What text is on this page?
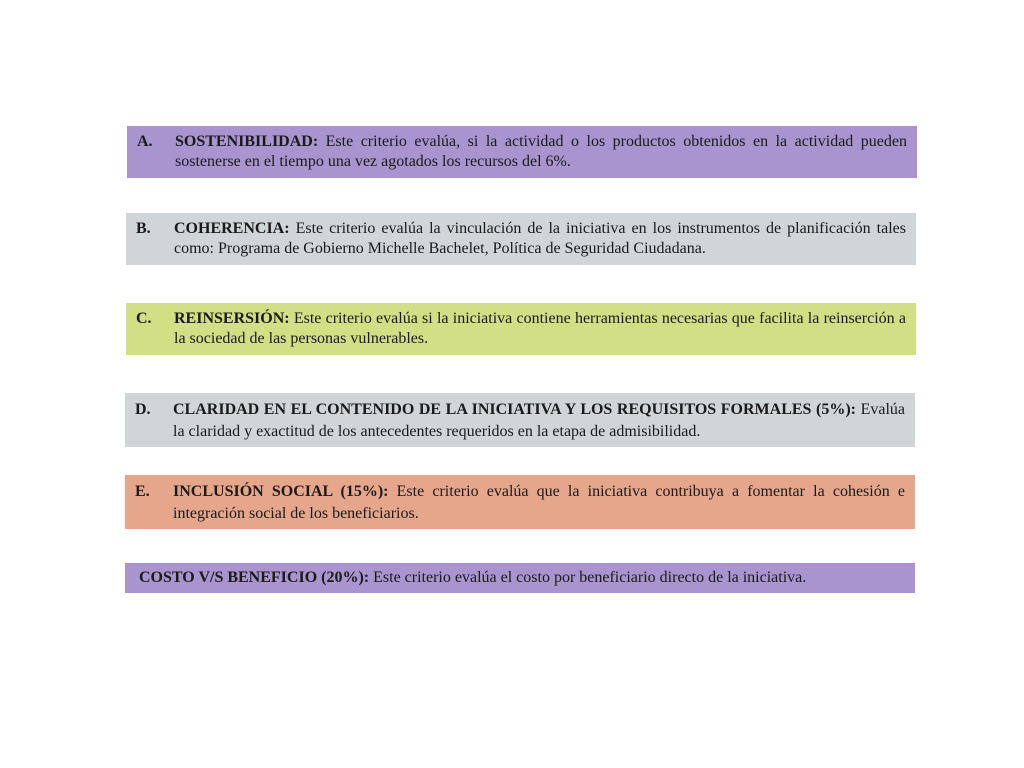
A. SOSTENIBILIDAD: Este criterio evalúa, si la actividad o los productos obtenidos en la actividad pueden sostenerse en el tiempo una vez agotados los recursos del 6%.
B. COHERENCIA: Este criterio evalúa la vinculación de la iniciativa en los instrumentos de planificación tales como: Programa de Gobierno Michelle Bachelet, Política de Seguridad Ciudadana.
C. REINSERSIÓN: Este criterio evalúa si la iniciativa contiene herramientas necesarias que facilita la reinserción a la sociedad de las personas vulnerables.
D. CLARIDAD EN EL CONTENIDO DE LA INICIATIVA Y LOS REQUISITOS FORMALES (5%): Evalúa la claridad y exactitud de los antecedentes requeridos en la etapa de admisibilidad.
E. INCLUSIÓN SOCIAL (15%): Este criterio evalúa que la iniciativa contribuya a fomentar la cohesión e integración social de los beneficiarios.
COSTO V/S BENEFICIO (20%): Este criterio evalúa el costo por beneficiario directo de la iniciativa.
